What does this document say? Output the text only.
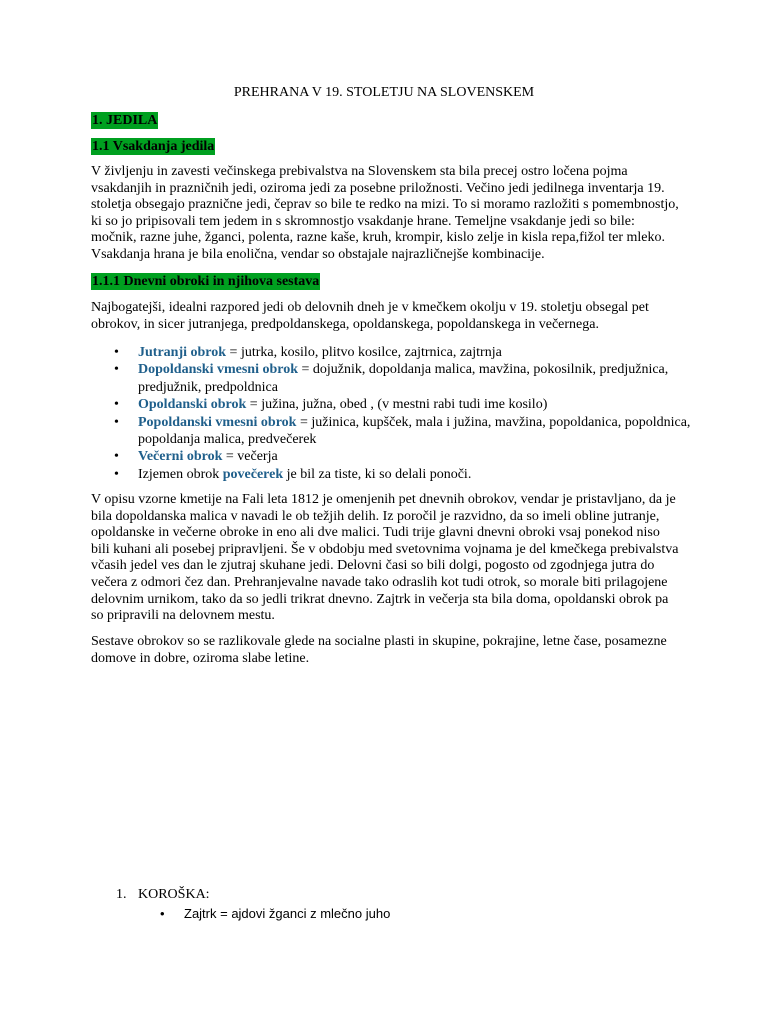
PREHRANA V 19. STOLETJU NA SLOVENSKEM
1. JEDILA
1.1 Vsakdanja jedila

V življenju in zavesti večinskega prebivalstva na Slovenskem sta bila precej ostro ločena pojma vsakdanjih in prazničnih jedi, oziroma jedi za posebne priložnosti. Večino jedi jedilnega inventarja 19. stoletja obsegajo praznične jedi, čeprav so bile te redko na mizi. To si moramo razložiti s pomembnostjo, ki so jo pripisovali tem jedem in s skromnostjo vsakdanje hrane. Temeljne vsakdanje jedi so bile: močnik, razne juhe, žganci, polenta, razne kaše, kruh, krompir, kislo zelje in kisla repa,fižol ter mleko. Vsakdanja hrana je bila enolična, vendar so obstajale najrazličnejše kombinacije.

1.1.1 Dnevni obroki in njihova sestava

Najbogatejši, idealni razpored jedi ob delovnih dneh je v kmečkem okolju v 19. stoletju obsegal pet obrokov, in sicer jutranjega, predpoldanskega, opoldanskega, popoldanskega in večernega.

• Jutranji obrok = jutrka, kosilo, plitvo kosilce, zajtrnica, zajtrnja
• Dopoldanski vmesni obrok = dojužnik, dopoldanja malica, mavžina, pokosilnik, predjužnica, predjužnik, predpoldnica
• Opoldanski obrok = južina, južna, obed , (v mestni rabi tudi ime kosilo)
• Popoldanski vmesni obrok = južinica, kupšček, mala i južina, mavžina, popoldanica, popoldnica, popoldanja malica, predvečerek
• Večerni obrok = večerja
• Izjemen obrok povečerek je bil za tiste, ki so delali ponoči.

V opisu vzorne kmetije na Fali leta 1812 je omenjenih pet dnevnih obrokov, vendar je pristavljano, da je bila dopoldanska malica v navadi le ob težjih delih. Iz poročil je razvidno, da so imeli obline jutranje, opoldanske in večerne obroke in eno ali dve malici. Tudi trije glavni dnevni obroki vsaj ponekod niso bili kuhani ali posebej pripravljeni. Še v obdobju med svetovnima vojnama je del kmečkega prebivalstva včasih jedel ves dan le zjutraj skuhane jedi. Delovni časi so bili dolgi, pogosto od zgodnjega jutra do večera z odmori čez dan. Prehranjevalne navade tako odraslih kot tudi otrok, so morale biti prilagojene delovnim urnikom, tako da so jedli trikrat dnevno. Zajtrk in večerja sta bila doma, opoldanski obrok pa so pripravili na delovnem mestu.

Sestave obrokov so se razlikovale glede na socialne plasti in skupine, pokrajine, letne čase, posamezne domove in dobre, oziroma slabe letine.

1. KOROŠKA:

• Zajtrk = ajdovi žganci z mlečno juho
